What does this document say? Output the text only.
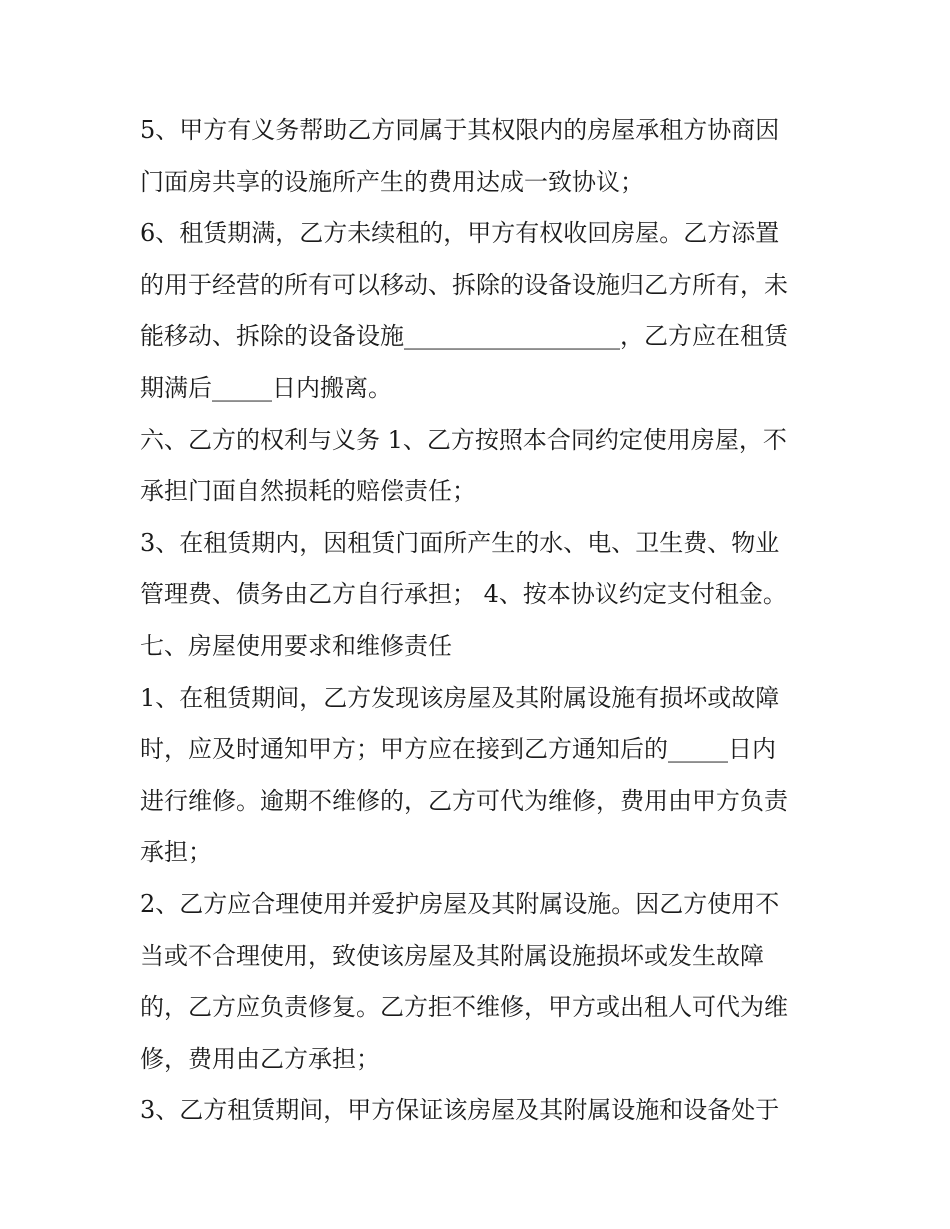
5、甲方有义务帮助乙方同属于其权限内的房屋承租方协商因
门面房共享的设施所产生的费用达成一致协议；
6、租赁期满，乙方未续租的，甲方有权收回房屋。乙方添置
的用于经营的所有可以移动、拆除的设备设施归乙方所有，未
能移动、拆除的设备设施__________________，乙方应在租赁
期满后_____日内搬离。
六、乙方的权利与义务 1、乙方按照本合同约定使用房屋，不
承担门面自然损耗的赔偿责任；
3、在租赁期内，因租赁门面所产生的水、电、卫生费、物业
管理费、债务由乙方自行承担； 4、按本协议约定支付租金。
七、房屋使用要求和维修责任
1、在租赁期间，乙方发现该房屋及其附属设施有损坏或故障
时，应及时通知甲方；甲方应在接到乙方通知后的_____日内
进行维修。逾期不维修的，乙方可代为维修，费用由甲方负责
承担；
2、乙方应合理使用并爱护房屋及其附属设施。因乙方使用不
当或不合理使用，致使该房屋及其附属设施损坏或发生故障
的，乙方应负责修复。乙方拒不维修，甲方或出租人可代为维
修，费用由乙方承担；
3、乙方租赁期间，甲方保证该房屋及其附属设施和设备处于
